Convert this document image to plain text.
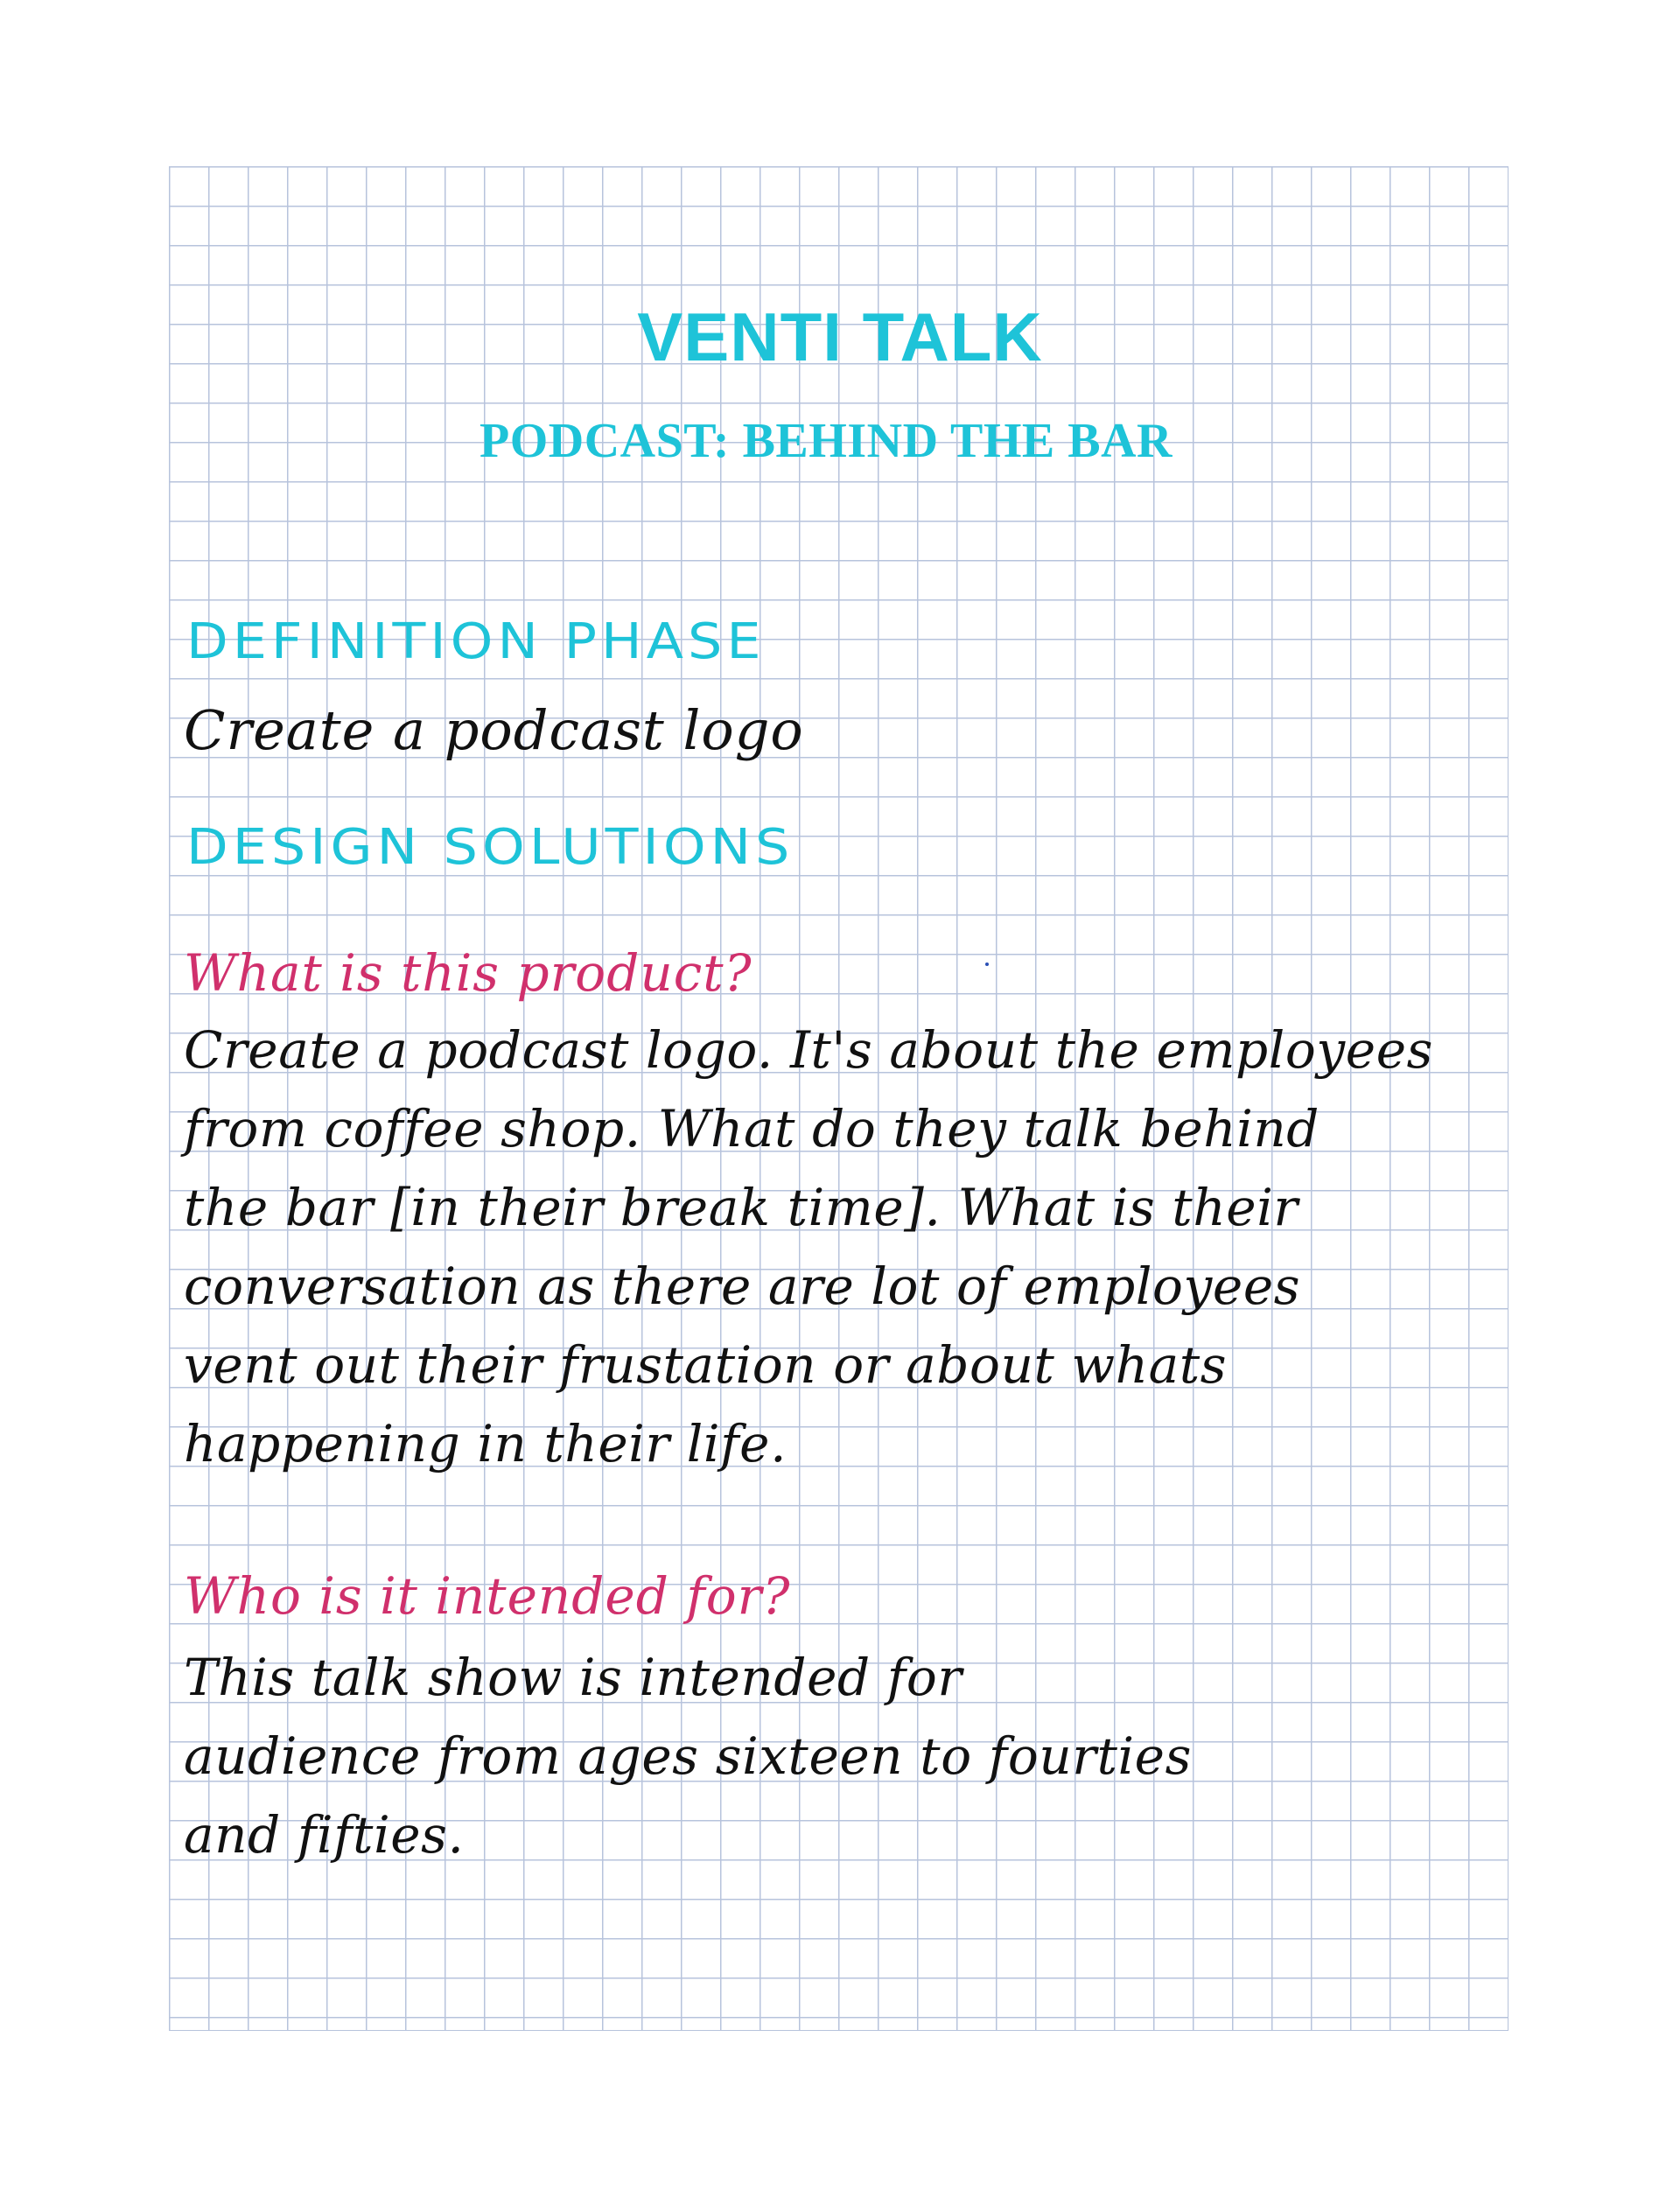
VENTI TALK
PODCAST: BEHIND THE BAR
DEFINITION PHASE
Create a podcast logo
DESIGN SOLUTIONS
What is this product?
Create a podcast logo. It's about the employees
from coffee shop. What do they talk behind
the bar [in their break time]. What is their
conversation as there are lot of employees
vent out their frustation or about whats
happening in their life.
Who is it intended for?
This talk show is intended for
audience from ages sixteen to fourties
and fifties.
